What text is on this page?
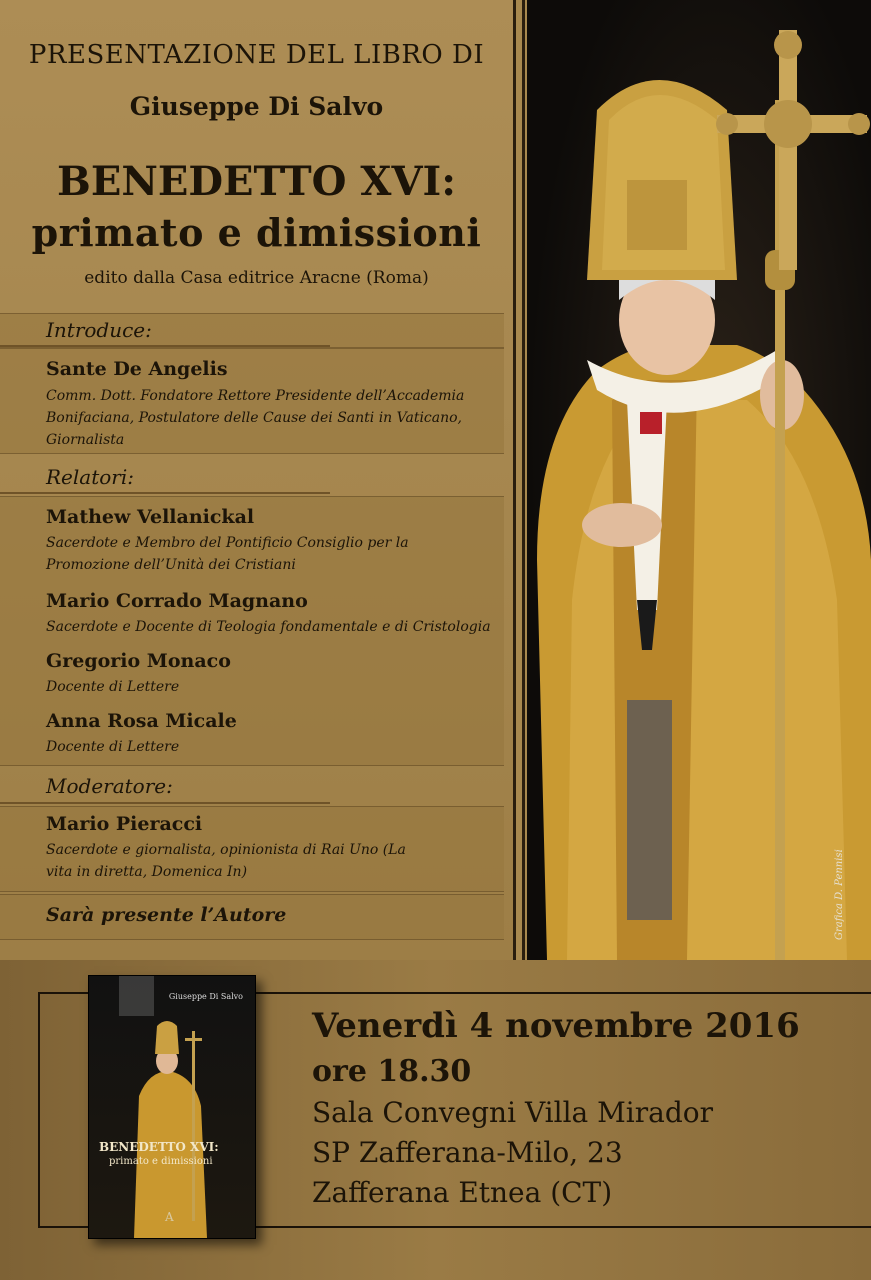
Grafica D. Pennisi
PRESENTAZIONE DEL LIBRO DI
Giuseppe Di Salvo
BENEDETTO XVI:
primato e dimissioni
edito dalla Casa editrice Aracne (Roma)
Introduce:
Sante De Angelis
Comm. Dott. Fondatore Rettore Presidente dell’Accademia Bonifaciana, Postulatore delle Cause dei Santi in Vaticano, Giornalista
Relatori:
Mathew Vellanickal
Sacerdote e Membro del Pontificio Consiglio per la Promozione dell’Unità dei Cristiani
Mario Corrado Magnano
Sacerdote e Docente di Teologia fondamentale e di Cristologia
Gregorio Monaco
Docente di Lettere
Anna Rosa Micale
Docente di Lettere
Moderatore:
Mario Pieracci
Sacerdote e giornalista, opinionista di Rai Uno (La vita in diretta, Domenica In)
Sarà presente l’Autore
Giuseppe Di Salvo
BENEDETTO XVI:
primato e dimissioni
A
Venerdì 4 novembre 2016
ore 18.30
Sala Convegni Villa Mirador
SP Zafferana-Milo, 23
Zafferana Etnea (CT)
